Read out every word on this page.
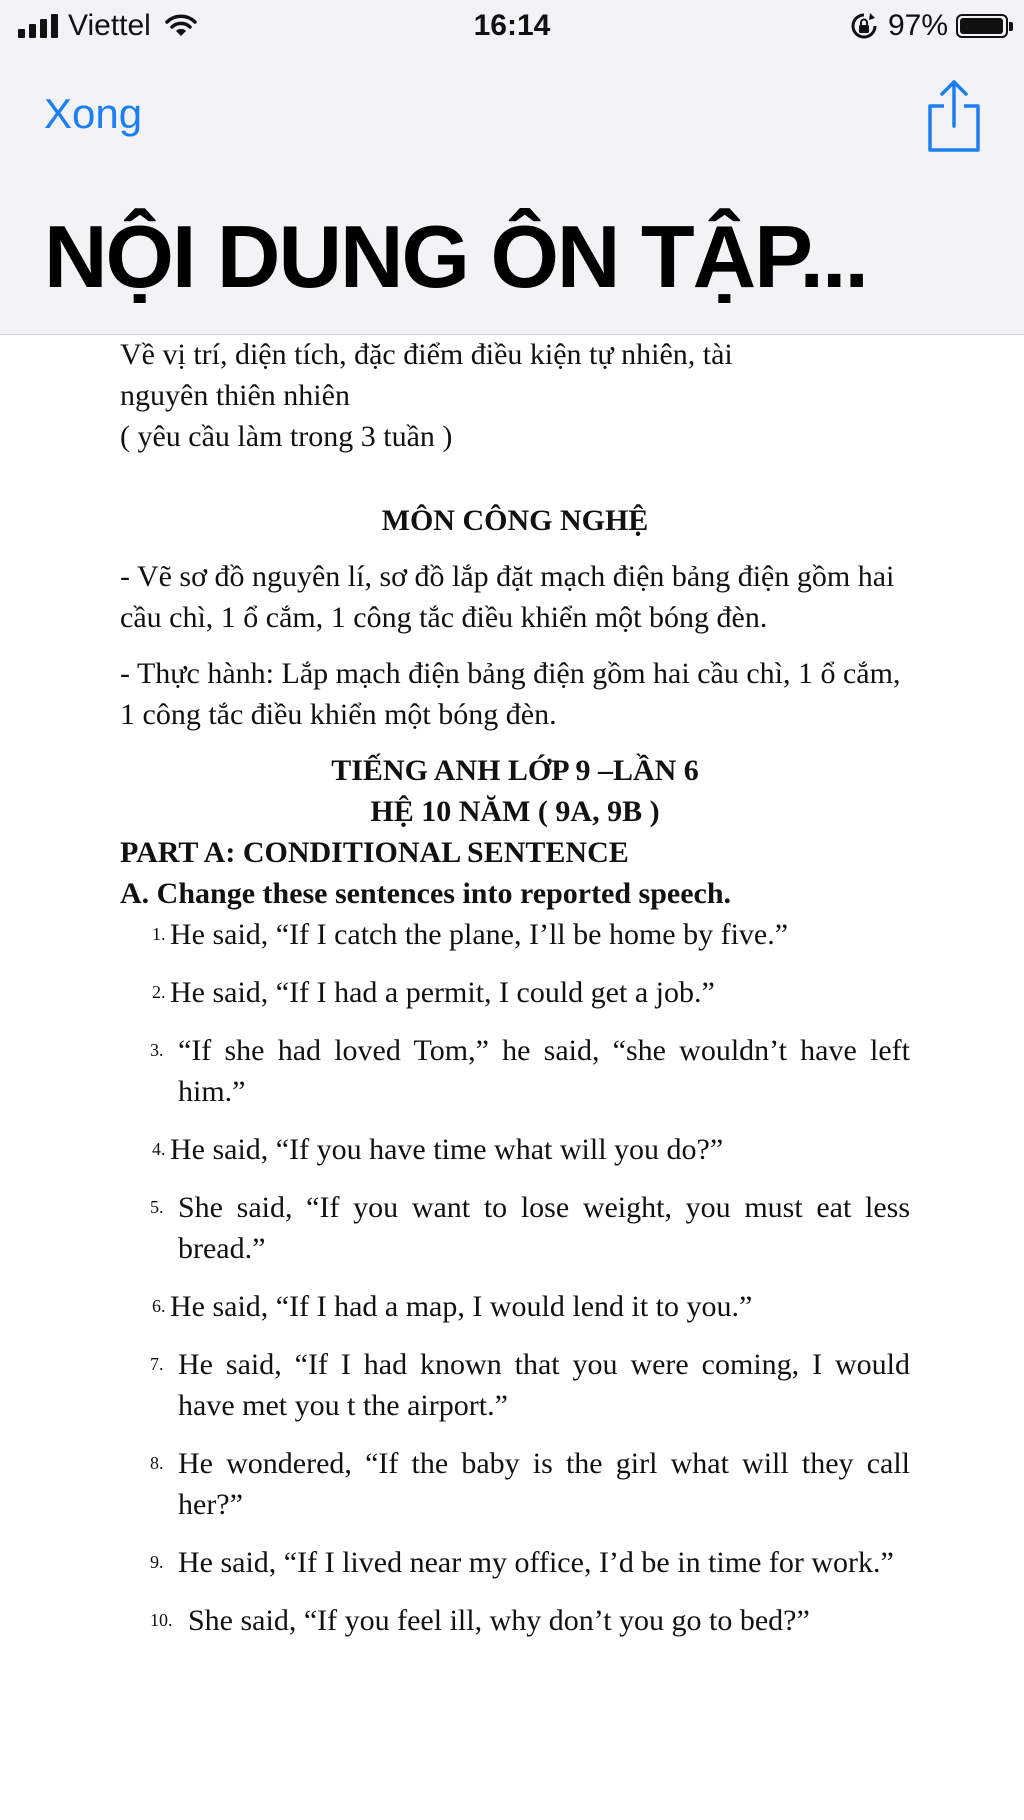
Viettel	16:14	97%
Xong
NỘI DUNG ÔN TẬP...

Về vị trí, diện tích, đặc điểm điều kiện tự nhiên, tài

nguyên thiên nhiên

( yêu cầu làm trong 3 tuần )

MÔN CÔNG NGHỆ

- Vẽ sơ đồ nguyên lí, sơ đồ lắp đặt mạch điện bảng điện gồm hai cầu chì, 1 ổ cắm, 1 công tắc điều khiển một bóng đèn.

- Thực hành: Lắp mạch điện bảng điện gồm hai cầu chì, 1 ổ cắm, 1 công tắc điều khiển một bóng đèn.

TIẾNG ANH LỚP 9 –LẦN 6

HỆ 10 NĂM ( 9A, 9B )

PART A: CONDITIONAL SENTENCE

A. Change these sentences into reported speech.

1. He said, “If I catch the plane, I’ll be home by five.”
2. He said, “If I had a permit, I could get a job.”
3. “If she had loved Tom,” he said, “she wouldn’t have left him.”
4. He said, “If you have time what will you do?”
5. She said, “If you want to lose weight, you must eat less bread.”
6. He said, “If I had a map, I would lend it to you.”
7. He said, “If I had known that you were coming, I would have met you t the airport.”
8. He wondered, “If the baby is the girl what will they call her?”
9. He said, “If I lived near my office, I’d be in time for work.”
10. She said, “If you feel ill, why don’t you go to bed?”
